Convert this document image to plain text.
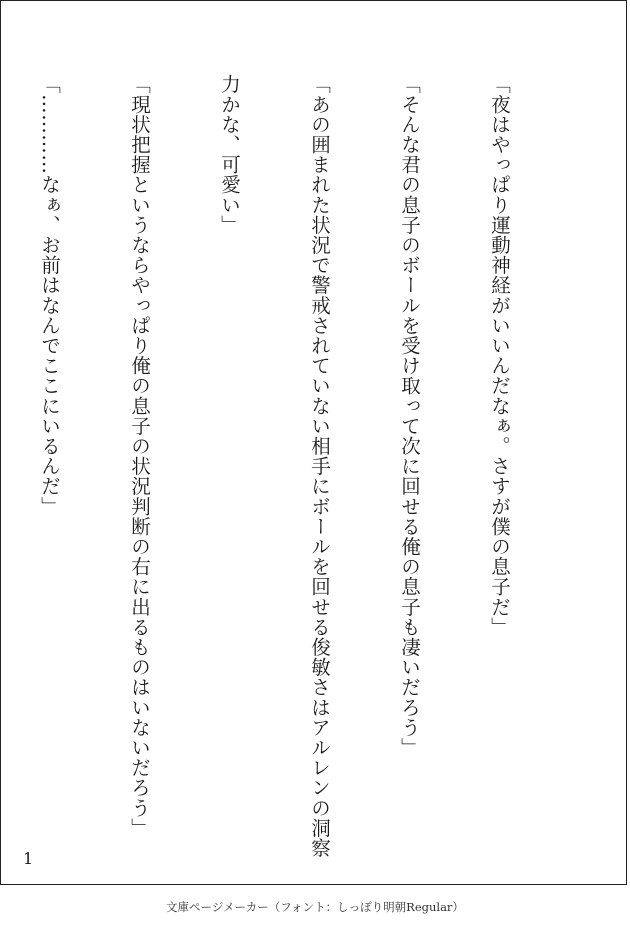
「夜はやっぱり運動神経がいいんだなぁ。さすが僕の息子だ」

「そんな君の息子のボールを受け取って次に回せる俺の息子も凄いだろう」

「あの囲まれた状況で警戒されていない相手にボールを回せる俊敏さはアルレンの洞察

力かな、可愛い」

「現状把握というならやっぱり俺の息子の状況判断の右に出るものはいないだろう」

「…………なぁ、お前はなんでここにいるんだ」

1
文庫ページメーカー（フォント：しっぽり明朝Regular）
